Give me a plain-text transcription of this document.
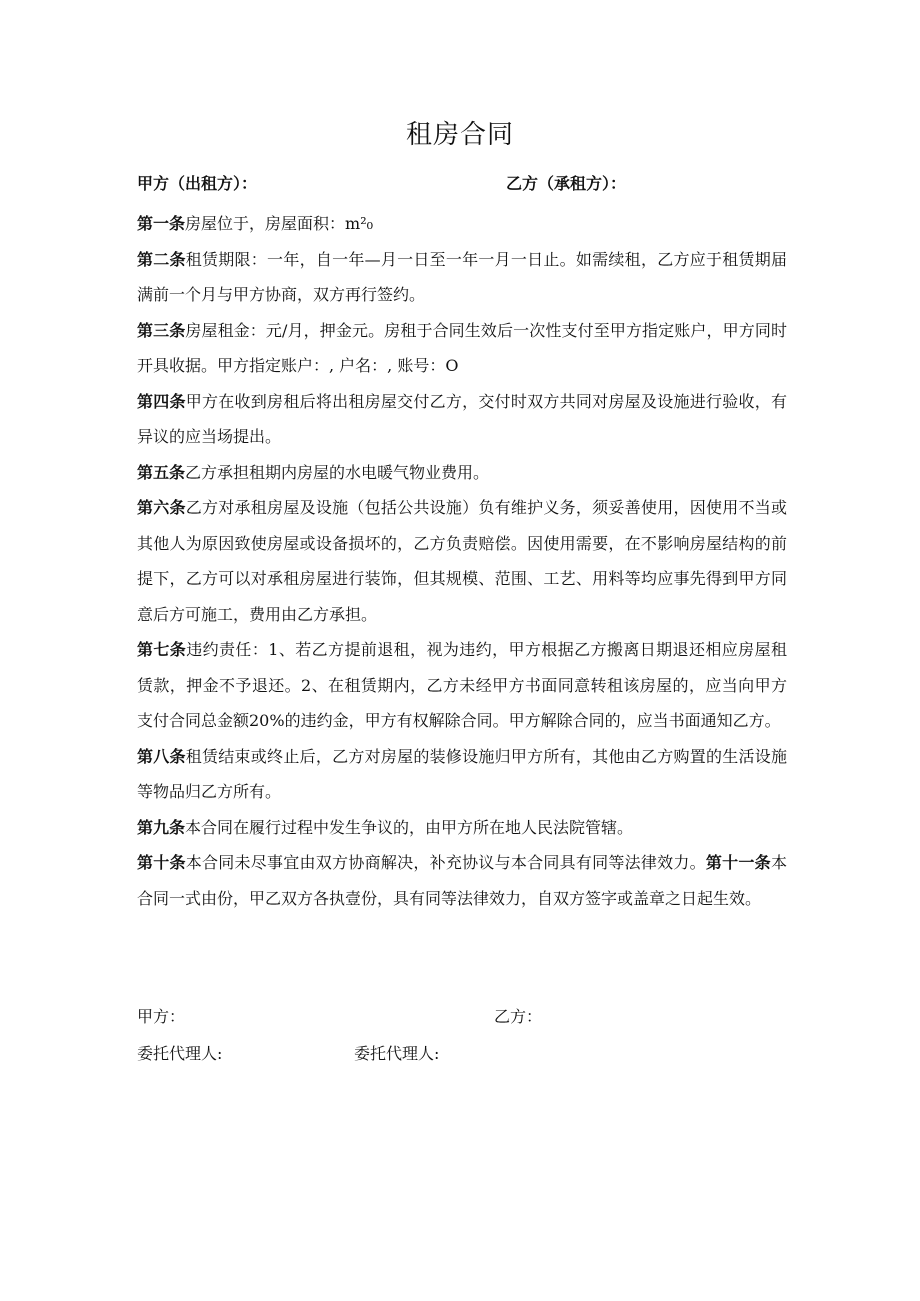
租房合同
甲方（出租方）：	乙方（承租方）：

第一条房屋位于，房屋面积：m²₀

第二条租赁期限：一年，自一年—月一日至一年一月一日止。如需续租，乙方应于租赁期届满前一个月与甲方协商，双方再行签约。

第三条房屋租金：元/月，押金元。房租于合同生效后一次性支付至甲方指定账户，甲方同时开具收据。甲方指定账户：, 户名：, 账号：O

第四条甲方在收到房租后将出租房屋交付乙方，交付时双方共同对房屋及设施进行验收，有异议的应当场提出。

第五条乙方承担租期内房屋的水电暖气物业费用。

第六条乙方对承租房屋及设施（包括公共设施）负有维护义务，须妥善使用，因使用不当或其他人为原因致使房屋或设备损坏的，乙方负责赔偿。因使用需要，在不影响房屋结构的前提下，乙方可以对承租房屋进行装饰，但其规模、范围、工艺、用料等均应事先得到甲方同意后方可施工，费用由乙方承担。

第七条违约责任：1、若乙方提前退租，视为违约，甲方根据乙方搬离日期退还相应房屋租赁款，押金不予退还。2、在租赁期内，乙方未经甲方书面同意转租该房屋的，应当向甲方支付合同总金额20%的违约金，甲方有权解除合同。甲方解除合同的，应当书面通知乙方。

第八条租赁结束或终止后，乙方对房屋的装修设施归甲方所有，其他由乙方购置的生活设施等物品归乙方所有。

第九条本合同在履行过程中发生争议的，由甲方所在地人民法院管辖。

第十条本合同未尽事宜由双方协商解决，补充协议与本合同具有同等法律效力。第十一条本合同一式由份，甲乙双方各执壹份，具有同等法律效力，自双方签字或盖章之日起生效。

甲方：	乙方：
委托代理人:	委托代理人:
